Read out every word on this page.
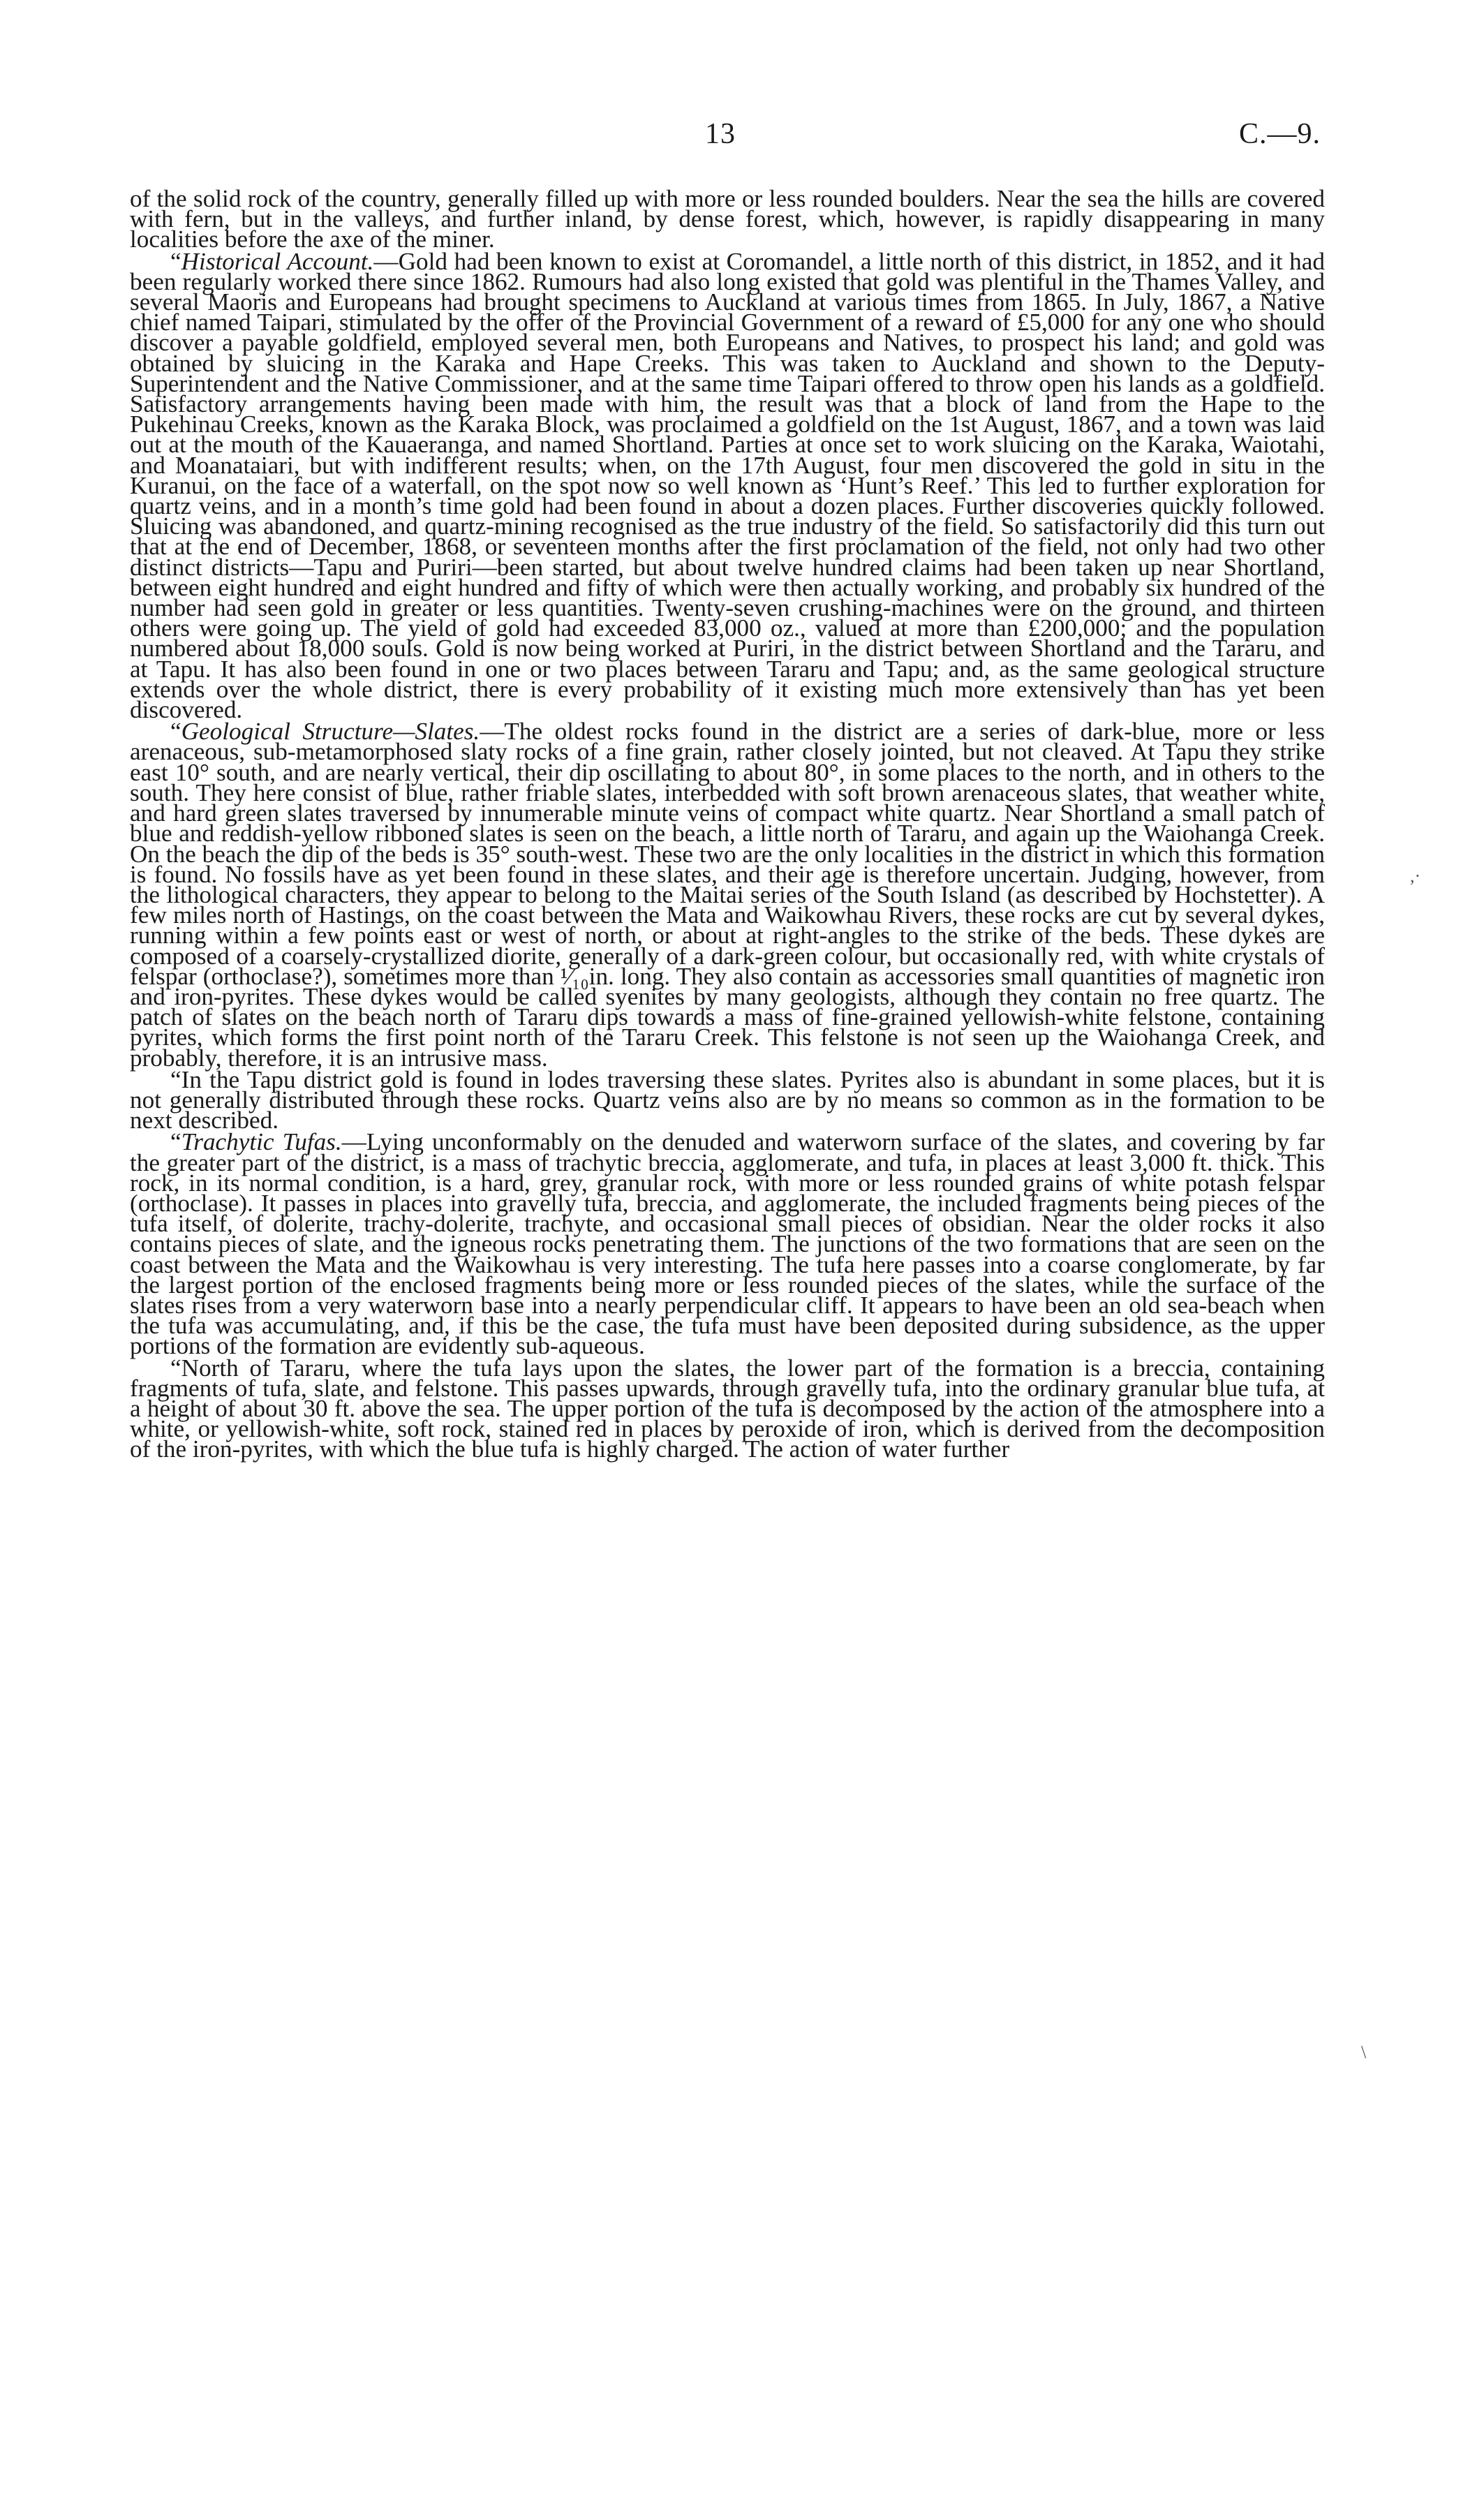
13	C.—9.

of the solid rock of the country, generally filled up with more or less rounded boulders. Near the sea the hills are covered with fern, but in the valleys, and further inland, by dense forest, which, however, is rapidly disappearing in many localities before the axe of the miner.

“Historical Account.—Gold had been known to exist at Coromandel, a little north of this district, in 1852, and it had been regularly worked there since 1862. Rumours had also long existed that gold was plentiful in the Thames Valley, and several Maoris and Europeans had brought specimens to Auckland at various times from 1865. In July, 1867, a Native chief named Taipari, stimulated by the offer of the Provincial Government of a reward of £5,000 for any one who should discover a payable goldfield, employed several men, both Europeans and Natives, to prospect his land; and gold was obtained by sluicing in the Karaka and Hape Creeks. This was taken to Auckland and shown to the Deputy-Superintendent and the Native Commissioner, and at the same time Taipari offered to throw open his lands as a goldfield. Satisfactory arrangements having been made with him, the result was that a block of land from the Hape to the Pukehinau Creeks, known as the Karaka Block, was proclaimed a goldfield on the 1st August, 1867, and a town was laid out at the mouth of the Kauaeranga, and named Shortland. Parties at once set to work sluicing on the Karaka, Waiotahi, and Moanataiari, but with indifferent results; when, on the 17th August, four men discovered the gold in situ in the Kuranui, on the face of a waterfall, on the spot now so well known as ‘Hunt’s Reef.’ This led to further exploration for quartz veins, and in a month’s time gold had been found in about a dozen places. Further discoveries quickly followed. Sluicing was abandoned, and quartz-mining recognised as the true industry of the field. So satisfactorily did this turn out that at the end of December, 1868, or seventeen months after the first proclamation of the field, not only had two other distinct districts—Tapu and Puriri—been started, but about twelve hundred claims had been taken up near Shortland, between eight hundred and eight hundred and fifty of which were then actually working, and probably six hundred of the number had seen gold in greater or less quantities. Twenty-seven crushing-machines were on the ground, and thirteen others were going up. The yield of gold had exceeded 83,000 oz., valued at more than £200,000; and the population numbered about 18,000 souls. Gold is now being worked at Puriri, in the district between Shortland and the Tararu, and at Tapu. It has also been found in one or two places between Tararu and Tapu; and, as the same geological structure extends over the whole district, there is every probability of it existing much more extensively than has yet been discovered.

“Geological Structure—Slates.—The oldest rocks found in the district are a series of dark-blue, more or less arenaceous, sub-metamorphosed slaty rocks of a fine grain, rather closely jointed, but not cleaved. At Tapu they strike east 10° south, and are nearly vertical, their dip oscillating to about 80°, in some places to the north, and in others to the south. They here consist of blue, rather friable slates, interbedded with soft brown arenaceous slates, that weather white, and hard green slates traversed by innumerable minute veins of compact white quartz. Near Shortland a small patch of blue and reddish-yellow ribboned slates is seen on the beach, a little north of Tararu, and again up the Waiohanga Creek. On the beach the dip of the beds is 35° south-west. These two are the only localities in the district in which this formation is found. No fossils have as yet been found in these slates, and their age is therefore uncertain. Judging, however, from the lithological characters, they appear to belong to the Maitai series of the South Island (as described by Hochstetter). A few miles north of Hastings, on the coast between the Mata and Waikowhau Rivers, these rocks are cut by several dykes, running within a few points east or west of north, or about at right-angles to the strike of the beds. These dykes are composed of a coarsely-crystallized diorite, generally of a dark-green colour, but occasionally red, with white crystals of felspar (orthoclase?), sometimes more than ¹⁄₁₀in. long. They also contain as accessories small quantities of magnetic iron and iron-pyrites. These dykes would be called syenites by many geologists, although they contain no free quartz. The patch of slates on the beach north of Tararu dips towards a mass of fine-grained yellowish-white felstone, containing pyrites, which forms the first point north of the Tararu Creek. This felstone is not seen up the Waiohanga Creek, and probably, therefore, it is an intrusive mass.

“In the Tapu district gold is found in lodes traversing these slates. Pyrites also is abundant in some places, but it is not generally distributed through these rocks. Quartz veins also are by no means so common as in the formation to be next described.

“Trachytic Tufas.—Lying unconformably on the denuded and waterworn surface of the slates, and covering by far the greater part of the district, is a mass of trachytic breccia, agglomerate, and tufa, in places at least 3,000 ft. thick. This rock, in its normal condition, is a hard, grey, granular rock, with more or less rounded grains of white potash felspar (orthoclase). It passes in places into gravelly tufa, breccia, and agglomerate, the included fragments being pieces of the tufa itself, of dolerite, trachy-dolerite, trachyte, and occasional small pieces of obsidian. Near the older rocks it also contains pieces of slate, and the igneous rocks penetrating them. The junctions of the two formations that are seen on the coast between the Mata and the Waikowhau is very interesting. The tufa here passes into a coarse conglomerate, by far the largest portion of the enclosed fragments being more or less rounded pieces of the slates, while the surface of the slates rises from a very waterworn base into a nearly perpendicular cliff. It appears to have been an old sea-beach when the tufa was accumulating, and, if this be the case, the tufa must have been deposited during subsidence, as the upper portions of the formation are evidently sub-aqueous.

“North of Tararu, where the tufa lays upon the slates, the lower part of the formation is a breccia, containing fragments of tufa, slate, and felstone. This passes upwards, through gravelly tufa, into the ordinary granular blue tufa, at a height of about 30 ft. above the sea. The upper portion of the tufa is decomposed by the action of the atmosphere into a white, or yellowish-white, soft rock, stained red in places by peroxide of iron, which is derived from the decomposition of the iron-pyrites, with which the blue tufa is highly charged. The action of water further

,·
\
